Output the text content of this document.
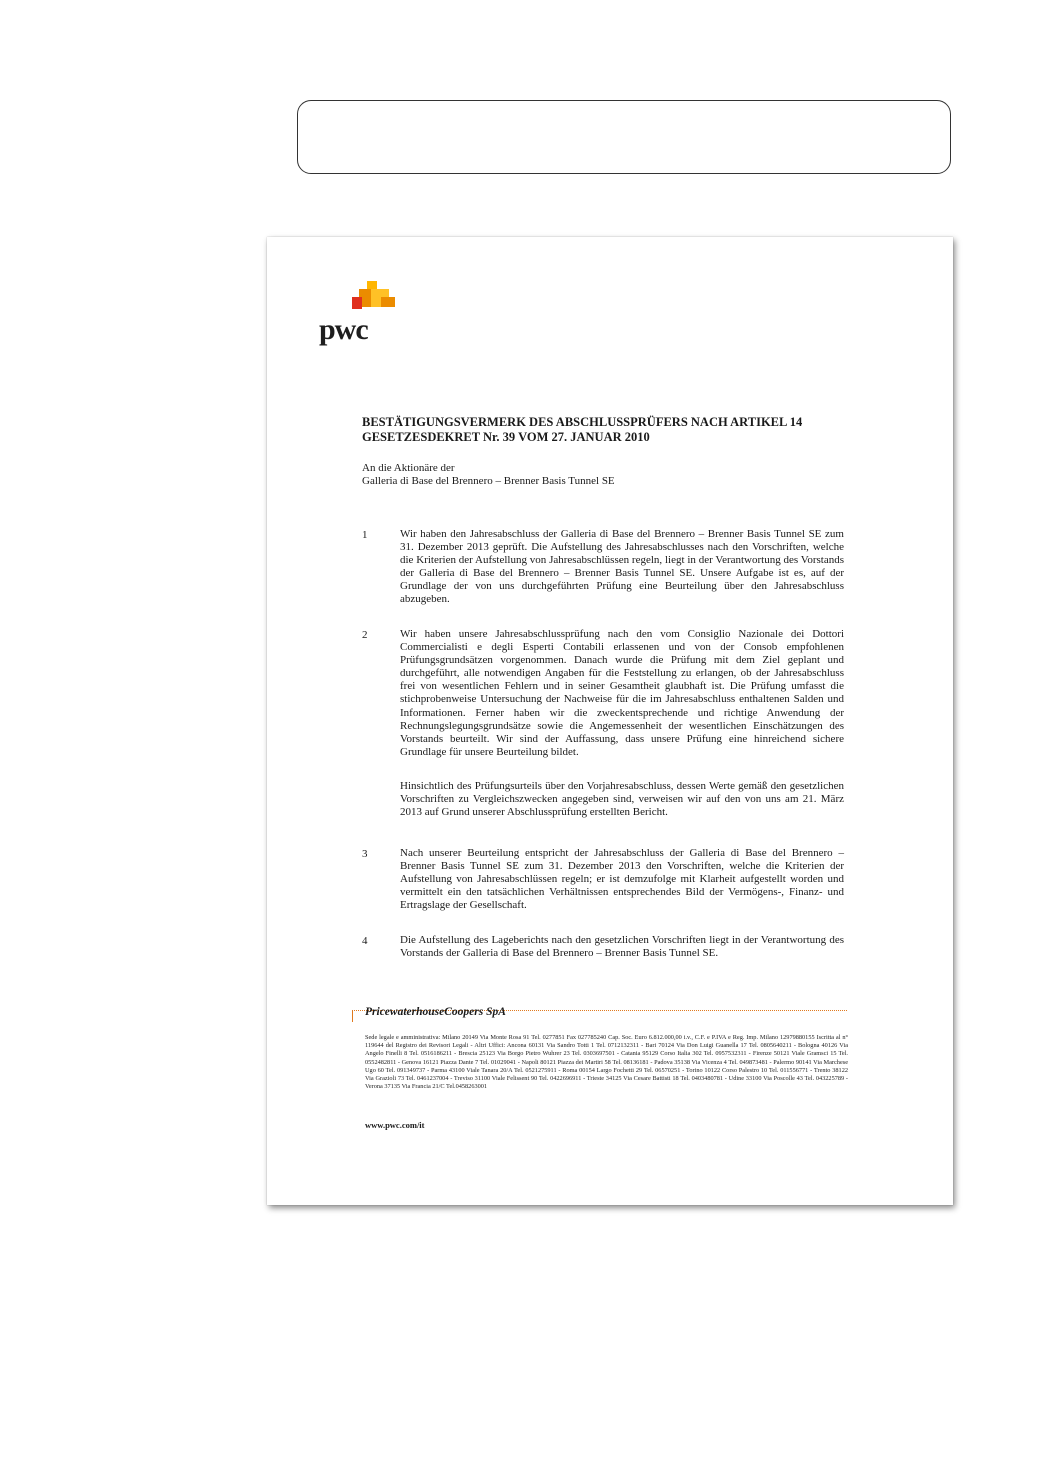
pwc
BESTÄTIGUNGSVERMERK DES ABSCHLUSSPRÜFERS NACH ARTIKEL 14
GESETZESDEKRET Nr. 39 VOM 27. JANUAR 2010
An die Aktionäre der
Galleria di Base del Brennero – Brenner Basis Tunnel SE
1	Wir haben den Jahresabschluss der Galleria di Base del Brennero – Brenner Basis Tunnel SE zum 31. Dezember 2013 geprüft. Die Aufstellung des Jahresabschlusses nach den Vorschriften, welche die Kriterien der Aufstellung von Jahresabschlüssen regeln, liegt in der Verantwortung des Vorstands der Galleria di Base del Brennero – Brenner Basis Tunnel SE. Unsere Aufgabe ist es, auf der Grundlage der von uns durchgeführten Prüfung eine Beurteilung über den Jahresabschluss abzugeben.
2	Wir haben unsere Jahresabschlussprüfung nach den vom Consiglio Nazionale dei Dottori Commercialisti e degli Esperti Contabili erlassenen und von der Consob empfohlenen Prüfungsgrundsätzen vorgenommen. Danach wurde die Prüfung mit dem Ziel geplant und durchgeführt, alle notwendigen Angaben für die Feststellung zu erlangen, ob der Jahresabschluss frei von wesentlichen Fehlern und in seiner Gesamtheit glaubhaft ist. Die Prüfung umfasst die stichprobenweise Untersuchung der Nachweise für die im Jahresabschluss enthaltenen Salden und Informationen. Ferner haben wir die zweckentsprechende und richtige Anwendung der Rechnungslegungsgrundsätze sowie die Angemessenheit der wesentlichen Einschätzungen des Vorstands beurteilt. Wir sind der Auffassung, dass unsere Prüfung eine hinreichend sichere Grundlage für unsere Beurteilung bildet.
Hinsichtlich des Prüfungsurteils über den Vorjahresabschluss, dessen Werte gemäß den gesetzlichen Vorschriften zu Vergleichszwecken angegeben sind, verweisen wir auf den von uns am 21. März 2013 auf Grund unserer Abschlussprüfung erstellten Bericht.
3	Nach unserer Beurteilung entspricht der Jahresabschluss der Galleria di Base del Brennero – Brenner Basis Tunnel SE zum 31. Dezember 2013 den Vorschriften, welche die Kriterien der Aufstellung von Jahresabschlüssen regeln; er ist demzufolge mit Klarheit aufgestellt worden und vermittelt ein den tatsächlichen Verhältnissen entsprechendes Bild der Vermögens-, Finanz- und Ertragslage der Gesellschaft.
4	Die Aufstellung des Lageberichts nach den gesetzlichen Vorschriften liegt in der Verantwortung des Vorstands der Galleria di Base del Brennero – Brenner Basis Tunnel SE.
PricewaterhouseCoopers SpA
Sede legale e amministrativa: Milano 20149 Via Monte Rosa 91 Tel. 0277851 Fax 027785240 Cap. Soc. Euro 6.812.000,00 i.v., C.F. e P.IVA e Reg. Imp. Milano 12979880155 Iscritta al n° 119644 del Registro dei Revisori Legali - Altri Uffici: Ancona 60131 Via Sandro Totti 1 Tel. 0712132311 - Bari 70124 Via Don Luigi Guanella 17 Tel. 0805640211 - Bologna 40126 Via Angelo Finelli 8 Tel. 0516186211 - Brescia 25123 Via Borgo Pietro Wuhrer 23 Tel. 0303697501 - Catania 95129 Corso Italia 302 Tel. 0957532311 - Firenze 50121 Viale Gramsci 15 Tel. 0552482811 - Genova 16121 Piazza Dante 7 Tel. 01029041 - Napoli 80121 Piazza dei Martiri 58 Tel. 08136181 - Padova 35138 Via Vicenza 4 Tel. 049873481 - Palermo 90141 Via Marchese Ugo 60 Tel. 091349737 - Parma 43100 Viale Tanara 20/A Tel. 0521275911 - Roma 00154 Largo Fochetti 29 Tel. 06570251 - Torino 10122 Corso Palestro 10 Tel. 011556771 - Trento 38122 Via Grazioli 73 Tel. 0461237004 - Treviso 31100 Viale Felissent 90 Tel. 0422696911 - Trieste 34125 Via Cesare Battisti 18 Tel. 0403480781 - Udine 33100 Via Poscolle 43 Tel. 043225789 - Verona 37135 Via Francia 21/C Tel.0458263001
www.pwc.com/it
